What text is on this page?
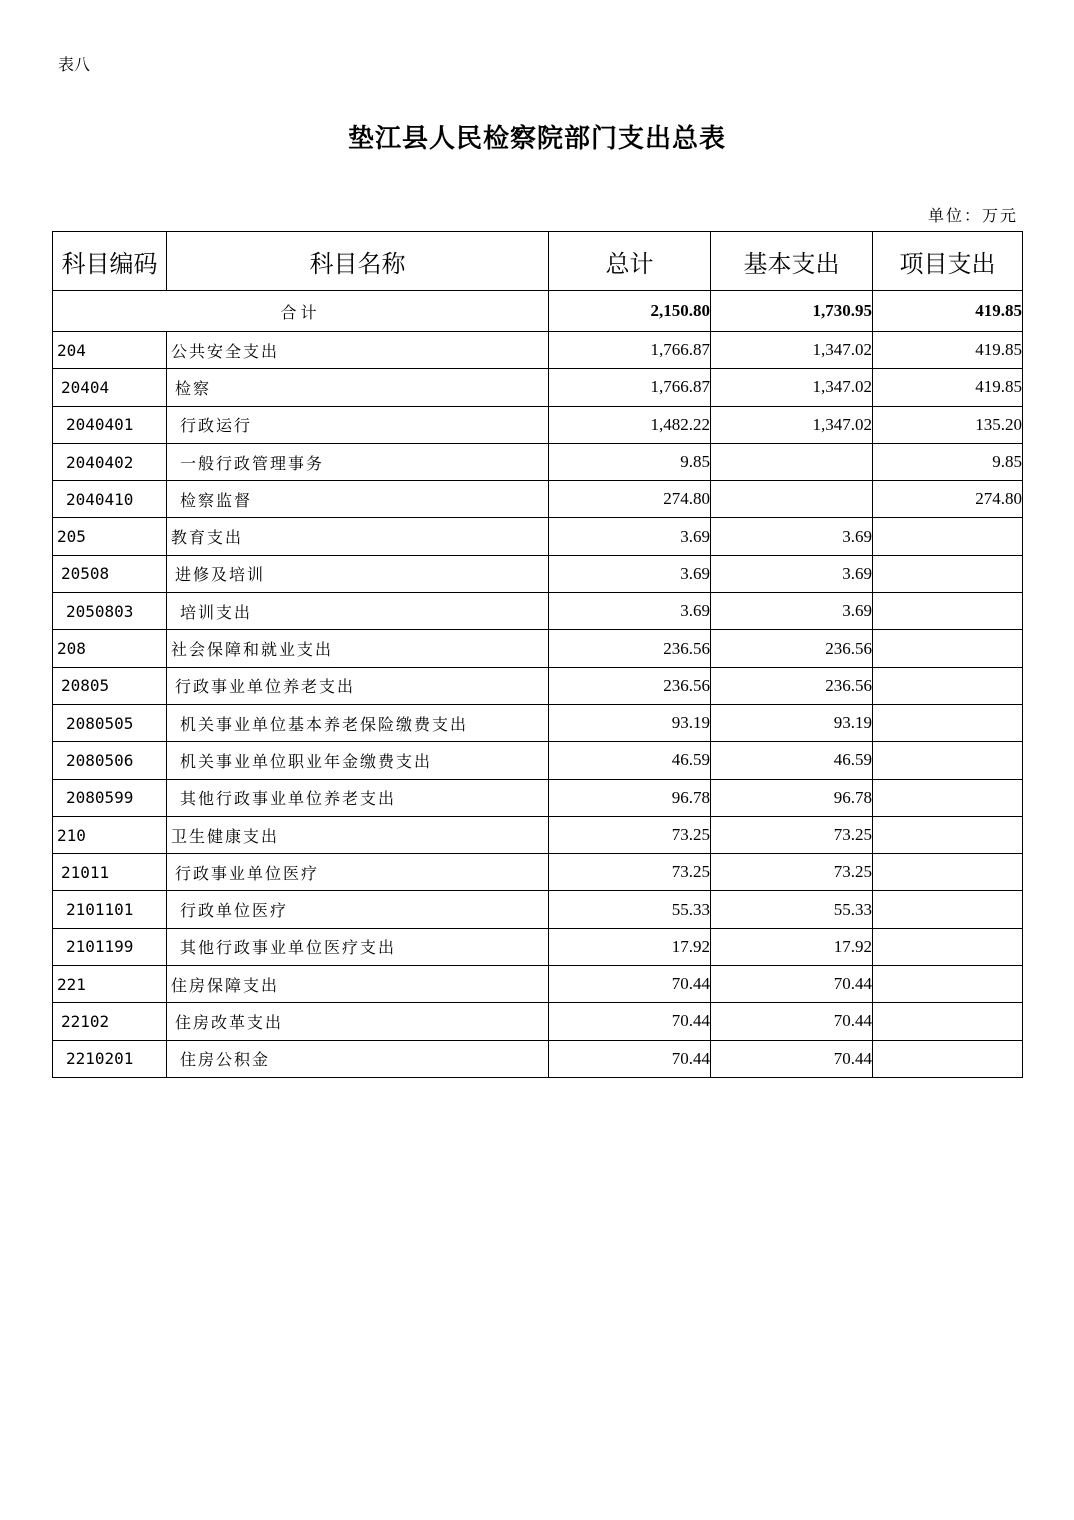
表八
垫江县人民检察院部门支出总表
单位：万元
科目编码	科目名称	总计	基本支出	项目支出
合计		2,150.80	1,730.95	419.85
204	公共安全支出	1,766.87	1,347.02	419.85
20404	检察	1,766.87	1,347.02	419.85
2040401	行政运行	1,482.22	1,347.02	135.20
2040402	一般行政管理事务	9.85		9.85
2040410	检察监督	274.80		274.80
205	教育支出	3.69	3.69	
20508	进修及培训	3.69	3.69	
2050803	培训支出	3.69	3.69	
208	社会保障和就业支出	236.56	236.56	
20805	行政事业单位养老支出	236.56	236.56	
2080505	机关事业单位基本养老保险缴费支出	93.19	93.19	
2080506	机关事业单位职业年金缴费支出	46.59	46.59	
2080599	其他行政事业单位养老支出	96.78	96.78	
210	卫生健康支出	73.25	73.25	
21011	行政事业单位医疗	73.25	73.25	
2101101	行政单位医疗	55.33	55.33	
2101199	其他行政事业单位医疗支出	17.92	17.92	
221	住房保障支出	70.44	70.44	
22102	住房改革支出	70.44	70.44	
2210201	住房公积金	70.44	70.44	
